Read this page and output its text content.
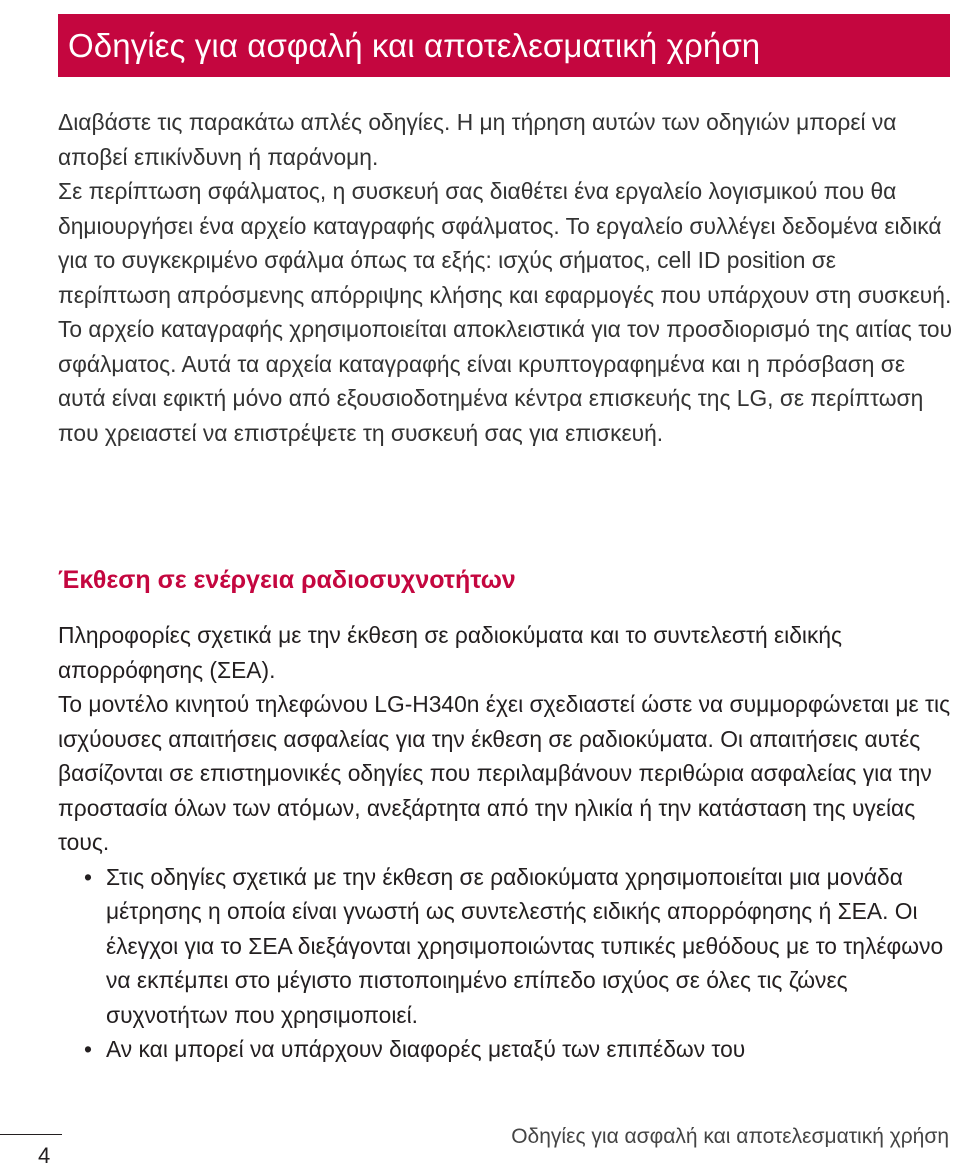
Οδηγίες για ασφαλή και αποτελεσματική χρήση

Διαβάστε τις παρακάτω απλές οδηγίες. Η μη τήρηση αυτών των οδηγιών μπορεί να αποβεί επικίνδυνη ή παράνομη.

Σε περίπτωση σφάλματος, η συσκευή σας διαθέτει ένα εργαλείο λογισμικού που θα δημιουργήσει ένα αρχείο καταγραφής σφάλματος. Το εργαλείο συλλέγει δεδομένα ειδικά για το συγκεκριμένο σφάλμα όπως τα εξής: ισχύς σήματος, cell ID position σε περίπτωση απρόσμενης απόρριψης κλήσης και εφαρμογές που υπάρχουν στη συσκευή. Το αρχείο καταγραφής χρησιμοποιείται αποκλειστικά για τον προσδιορισμό της αιτίας του σφάλματος. Αυτά τα αρχεία καταγραφής είναι κρυπτογραφημένα και η πρόσβαση σε αυτά είναι εφικτή μόνο από εξουσιοδοτημένα κέντρα επισκευής της LG, σε περίπτωση που χρειαστεί να επιστρέψετε τη συσκευή σας για επισκευή.

Έκθεση σε ενέργεια ραδιοσυχνοτήτων

Πληροφορίες σχετικά με την έκθεση σε ραδιοκύματα και το συντελεστή ειδικής απορρόφησης (ΣΕΑ).

Το μοντέλο κινητού τηλεφώνου LG-H340n έχει σχεδιαστεί ώστε να συμμορφώνεται με τις ισχύουσες απαιτήσεις ασφαλείας για την έκθεση σε ραδιοκύματα. Οι απαιτήσεις αυτές βασίζονται σε επιστημονικές οδηγίες που περιλαμβάνουν περιθώρια ασφαλείας για την προστασία όλων των ατόμων, ανεξάρτητα από την ηλικία ή την κατάσταση της υγείας τους.

• Στις οδηγίες σχετικά με την έκθεση σε ραδιοκύματα χρησιμοποιείται μια μονάδα μέτρησης η οποία είναι γνωστή ως συντελεστής ειδικής απορρόφησης ή ΣΕΑ. Οι έλεγχοι για το ΣΕΑ διεξάγονται χρησιμοποιώντας τυπικές μεθόδους με το τηλέφωνο να εκπέμπει στο μέγιστο πιστοποιημένο επίπεδο ισχύος σε όλες τις ζώνες συχνοτήτων που χρησιμοποιεί.
• Αν και μπορεί να υπάρχουν διαφορές μεταξύ των επιπέδων του
4
Οδηγίες για ασφαλή και αποτελεσματική χρήση
